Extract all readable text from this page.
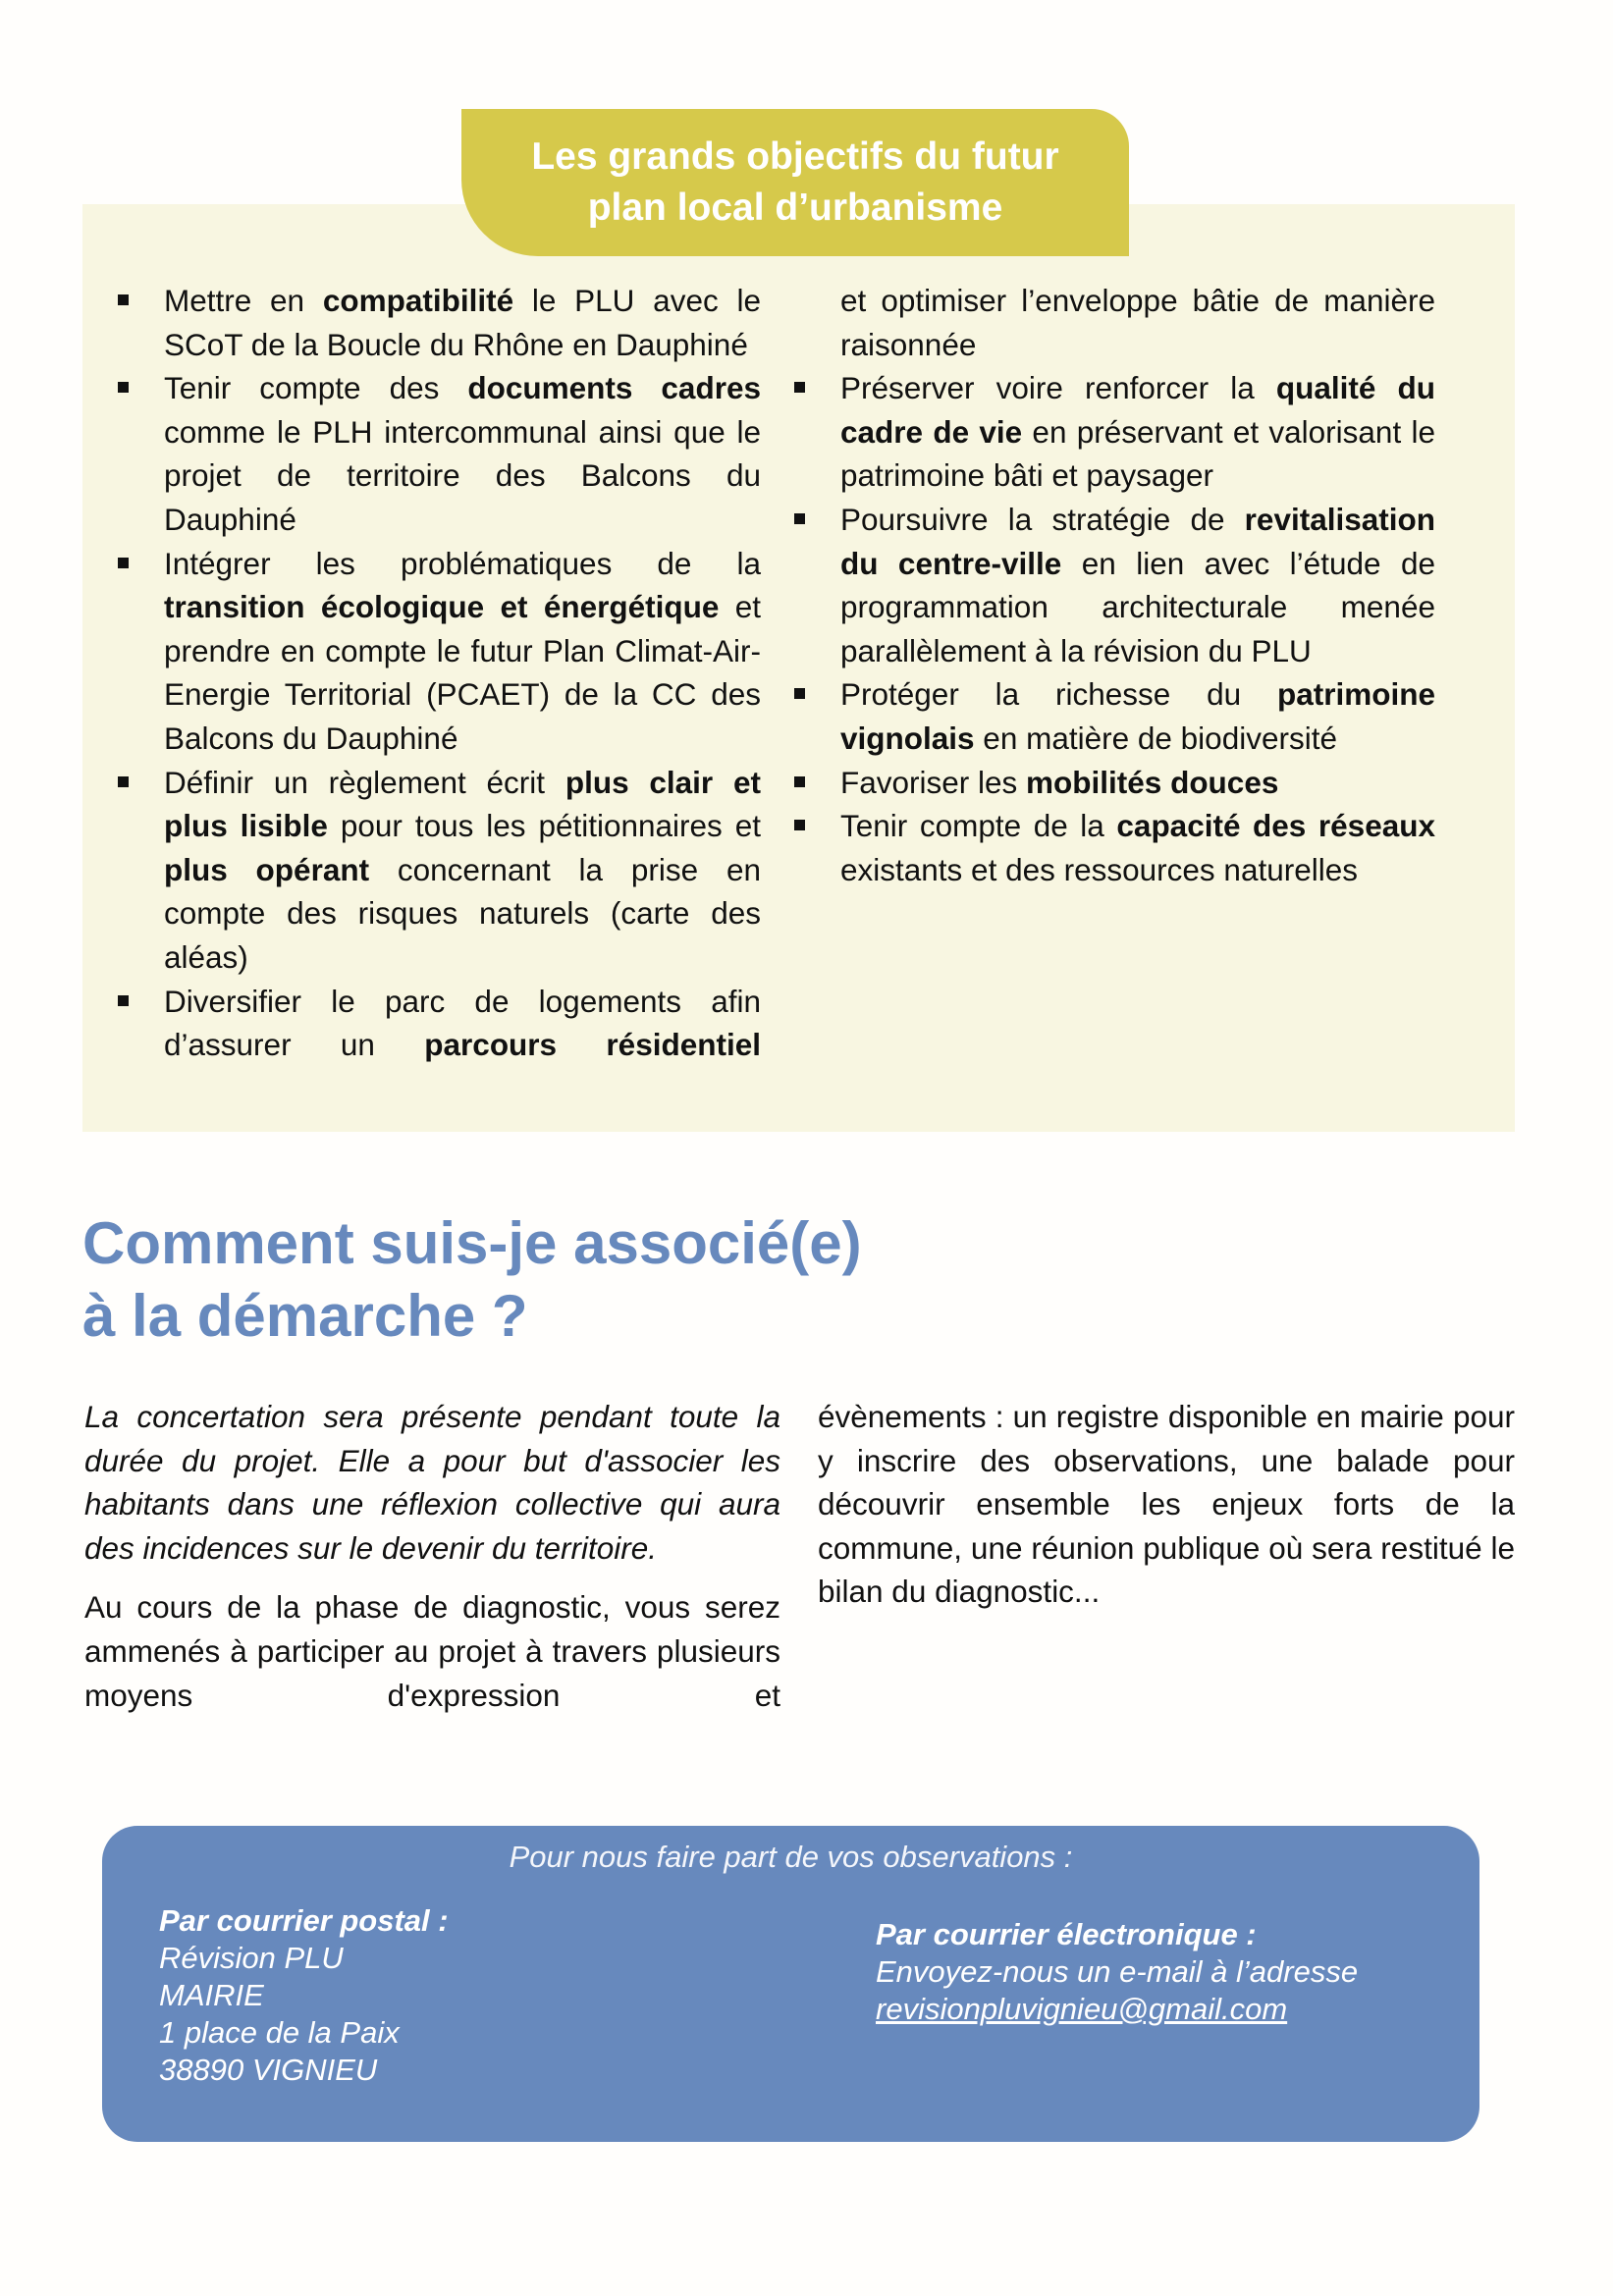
Les grands objectifs du futur
plan local d’urbanisme
Mettre en compatibilité le PLU avec le SCoT de la Boucle du Rhône en Dauphiné
Tenir compte des documents cadres comme le PLH intercommunal ainsi que le projet de territoire des Balcons du Dauphiné
Intégrer les problématiques de la transition écologique et énergétique et prendre en compte le futur Plan Climat-Air-Energie Territorial (PCAET) de la CC des Balcons du Dauphiné
Définir un règlement écrit plus clair et plus lisible pour tous les pétitionnaires et plus opérant concernant la prise en compte des risques naturels (carte des aléas)
Diversifier le parc de logements afin d’assurer un parcours résidentiel
et optimiser l’enveloppe bâtie de manière raisonnée
Préserver voire renforcer la qualité du cadre de vie en préservant et valorisant le patrimoine bâti et paysager
Poursuivre la stratégie de revitalisation du centre-ville en lien avec l’étude de programmation architecturale menée parallèlement à la révision du PLU
Protéger la richesse du patrimoine vignolais en matière de biodiversité
Favoriser les mobilités douces
Tenir compte de la capacité des réseaux existants et des ressources naturelles
Comment suis-je associé(e)
à la démarche ?

La concertation sera présente pendant toute la durée du projet. Elle a pour but d'associer les habitants dans une réflexion collective qui aura des incidences sur le devenir du territoire.

Au cours de la phase de diagnostic, vous serez ammenés à participer au projet à travers plusieurs moyens d'expression et

évènements : un registre disponible en mairie pour y inscrire des observations, une balade pour découvrir ensemble les enjeux forts de la commune, une réunion publique où sera restitué le bilan du diagnostic...

Pour nous faire part de vos observations :
Par courrier postal :
Révision PLU
MAIRIE
1 place de la Paix
38890 VIGNIEU
Par courrier électronique :
Envoyez-nous un e-mail à l’adresse
revisionpluvignieu@gmail.com
